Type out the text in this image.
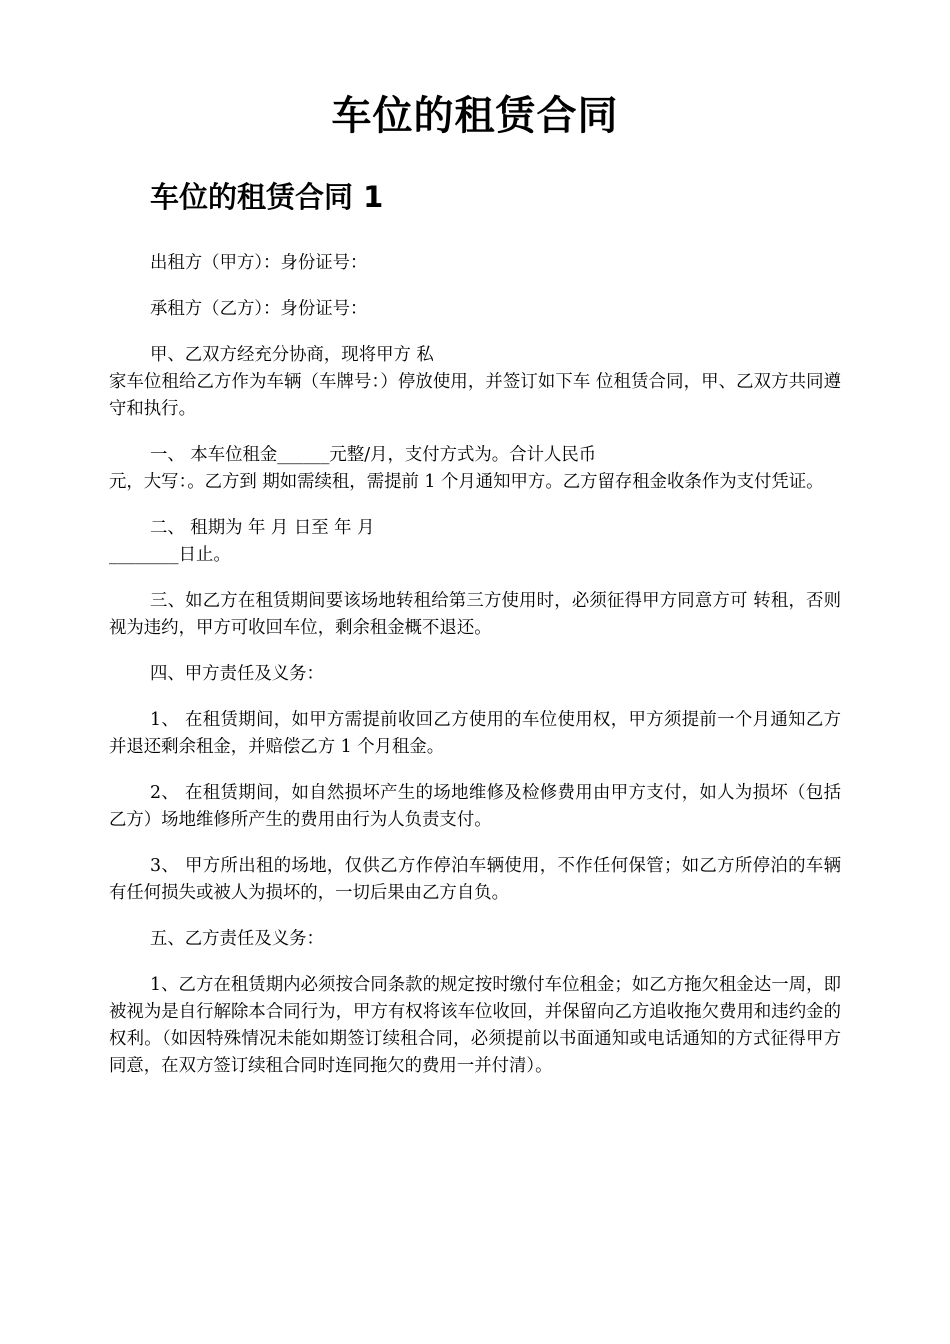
车位的租赁合同
车位的租赁合同 1

出租方（甲方）：身份证号：

承租方（乙方）：身份证号：

甲、乙双方经充分协商，现将甲方 私
家车位租给乙方作为车辆（车牌号：）停放使用，并签订如下车 位租赁合同，甲、乙双方共同遵守和执行。

一、 本车位租金______元整/月，支付方式为。合计人民币
元，大写：。乙方到 期如需续租，需提前 1 个月通知甲方。乙方留存租金收条作为支付凭证。

二、 租期为 年 月 日至 年 月
________日止。

三、如乙方在租赁期间要该场地转租给第三方使用时，必须征得甲方同意方可 转租，否则视为违约，甲方可收回车位，剩余租金概不退还。

四、甲方责任及义务：

1、 在租赁期间，如甲方需提前收回乙方使用的车位使用权，甲方须提前一个月通知乙方并退还剩余租金，并赔偿乙方 1 个月租金。

2、 在租赁期间，如自然损坏产生的场地维修及检修费用由甲方支付，如人为损坏（包括乙方）场地维修所产生的费用由行为人负责支付。

3、 甲方所出租的场地，仅供乙方作停泊车辆使用，不作任何保管；如乙方所停泊的车辆有任何损失或被人为损坏的，一切后果由乙方自负。

五、乙方责任及义务：

1、乙方在租赁期内必须按合同条款的规定按时缴付车位租金；如乙方拖欠租金达一周，即被视为是自行解除本合同行为，甲方有权将该车位收回，并保留向乙方追收拖欠费用和违约金的权利。（如因特殊情况未能如期签订续租合同，必须提前以书面通知或电话通知的方式征得甲方同意，在双方签订续租合同时连同拖欠的费用一并付清）。
